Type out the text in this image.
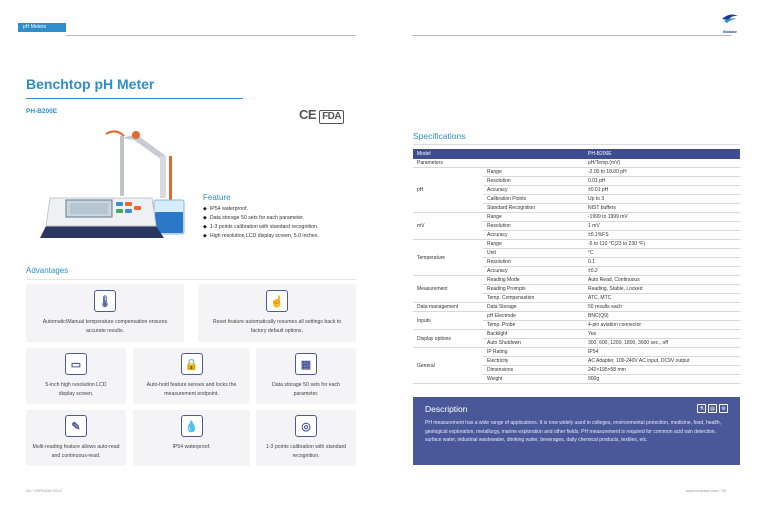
pH Meters
Biobase
Benchtop pH Meter
PH-B200E	CE FDA
Feature
◆ IP54 waterproof.
◆ Data storage 50 sets for each parameter.
◆ 1-3 points calibration with standard recognition.
◆ High resolution LCD display screen, 5.0 inches.
Advantages
🌡
Automatic/Manual temperature compensation ensures accurate results.
☝
Reset feature automatically resumes all settings back to factory default options.
▭
5-inch high resolution LCD display screen.
🔒
Auto-hold feature senses and locks the measurement endpoint.
▦
Data storage 50 sets for each parameter.
✎
Multi-reading feature allows auto-read and continuous-read.
💧
IP54 waterproof.
◎
1-3 points calibration with standard recognition.
26 / VERSION 2022
Specifications
Model		PH-B200E
Parameters		pH/Temp.(mV)
pH	Range	-2.00 to 18.00 pH
	Resolution	0.01 pH
	Accuracy	±0.01 pH
	Calibration Points	Up to 3
	Standard Recognition	NIST buffers
mV	Range	-1999 to 1999 mV
	Resolution	1 mV
	Accuracy	±0.1%FS
Temperature	Range	-5 to 110 °C(23 to 230 °F)
	Unit	°C
	Resolution	0.1
	Accuracy	±0.2
Measurement	Reading Mode	Auto Read, Continuous
	Reading Prompts	Reading, Stable, Locked
	Temp. Compensation	ATC, MTC
Data management	Data Storage	50 results each
Inputs	pH Electrode	BNC(Q9)
	Temp. Probe	4-pin aviation connector
Display options	Backlight	Yes
	Auto Shutdown	300, 600, 1200, 1800, 3600 sec., off
General	IP Rating	IP54
	Electricity	AC Adapter, 100-240V AC input, DC9V output
	Dimensions	242×195×58 mm
	Weight	900g
Description	⚗	▤	⚙
PH measurement has a wide range of applications. It is now widely used in colleges, environmental protection, medicine, food, health, geological exploration, metallurgy, marine exploration and other fields. PH measurement is required for common acid rain detection, surface water, industrial wastewater, drinking water, beverages, daily chemical products, textiles, etc.
www.biobase.com / 30
